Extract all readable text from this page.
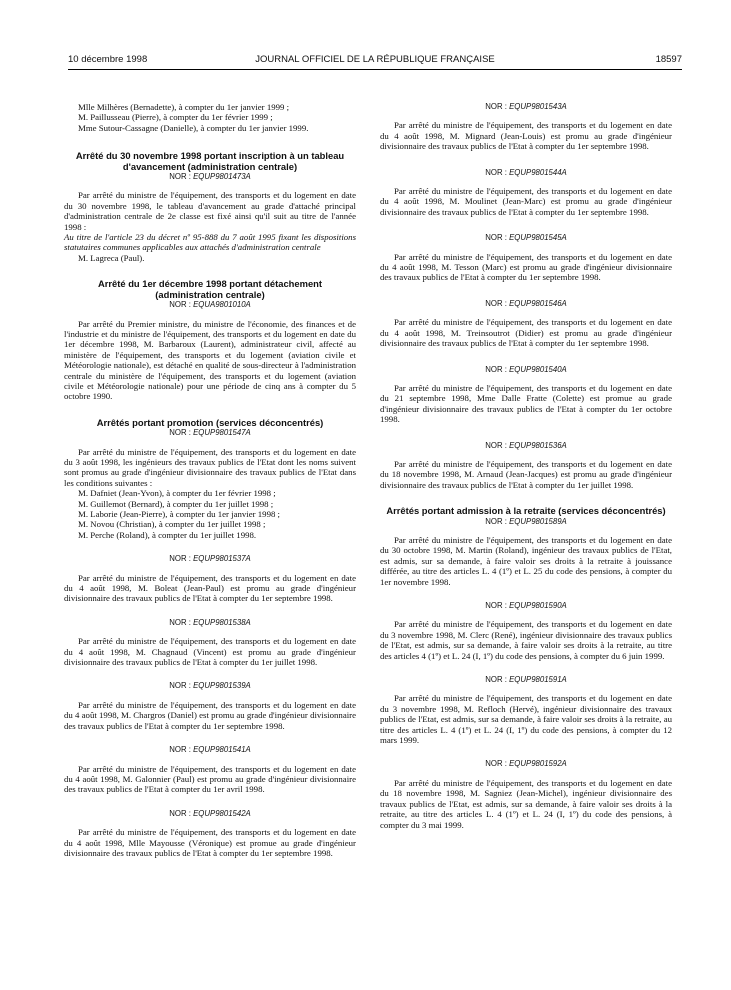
10 décembre 1998	JOURNAL OFFICIEL DE LA RÉPUBLIQUE FRANÇAISE	18597

Mlle Milhères (Bernadette), à compter du 1er janvier 1999 ;

M. Paillusseau (Pierre), à compter du 1er février 1999 ;

Mme Sutour-Cassagne (Danielle), à compter du 1er janvier 1999.

Arrêté du 30 novembre 1998 portant inscription à un tableau d'avancement (administration centrale)
NOR : EQUP9801473A

Par arrêté du ministre de l'équipement, des transports et du logement en date du 30 novembre 1998, le tableau d'avancement au grade d'attaché principal d'administration centrale de 2e classe est fixé ainsi qu'il suit au titre de l'année 1998 :

Au titre de l'article 23 du décret nº 95-888 du 7 août 1995 fixant les dispositions statutaires communes applicables aux attachés d'administration centrale

M. Lagreca (Paul).

Arrêté du 1er décembre 1998 portant détachement (administration centrale)
NOR : EQUA9801010A

Par arrêté du Premier ministre, du ministre de l'économie, des finances et de l'industrie et du ministre de l'équipement, des transports et du logement en date du 1er décembre 1998, M. Barbaroux (Laurent), administrateur civil, affecté au ministère de l'équipement, des transports et du logement (aviation civile et Météorologie nationale), est détaché en qualité de sous-directeur à l'administration centrale du ministère de l'équipement, des transports et du logement (aviation civile et Météorologie nationale) pour une période de cinq ans à compter du 5 octobre 1990.

Arrêtés portant promotion (services déconcentrés)
NOR : EQUP9801547A

Par arrêté du ministre de l'équipement, des transports et du logement en date du 3 août 1998, les ingénieurs des travaux publics de l'Etat dont les noms suivent sont promus au grade d'ingénieur divisionnaire des travaux publics de l'Etat dans les conditions suivantes :

M. Dafniet (Jean-Yvon), à compter du 1er février 1998 ;

M. Guillemot (Bernard), à compter du 1er juillet 1998 ;

M. Laborie (Jean-Pierre), à compter du 1er janvier 1998 ;

M. Novou (Christian), à compter du 1er juillet 1998 ;

M. Perche (Roland), à compter du 1er juillet 1998.

NOR : EQUP9801537A

Par arrêté du ministre de l'équipement, des transports et du logement en date du 4 août 1998, M. Boleat (Jean-Paul) est promu au grade d'ingénieur divisionnaire des travaux publics de l'Etat à compter du 1er septembre 1998.

NOR : EQUP9801538A

Par arrêté du ministre de l'équipement, des transports et du logement en date du 4 août 1998, M. Chagnaud (Vincent) est promu au grade d'ingénieur divisionnaire des travaux publics de l'Etat à compter du 1er juillet 1998.

NOR : EQUP9801539A

Par arrêté du ministre de l'équipement, des transports et du logement en date du 4 août 1998, M. Chargros (Daniel) est promu au grade d'ingénieur divisionnaire des travaux publics de l'Etat à compter du 1er septembre 1998.

NOR : EQUP9801541A

Par arrêté du ministre de l'équipement, des transports et du logement en date du 4 août 1998, M. Galonnier (Paul) est promu au grade d'ingénieur divisionnaire des travaux publics de l'Etat à compter du 1er avril 1998.

NOR : EQUP9801542A

Par arrêté du ministre de l'équipement, des transports et du logement en date du 4 août 1998, Mlle Mayousse (Véronique) est promue au grade d'ingénieur divisionnaire des travaux publics de l'Etat à compter du 1er septembre 1998.

NOR : EQUP9801543A

Par arrêté du ministre de l'équipement, des transports et du logement en date du 4 août 1998, M. Mignard (Jean-Louis) est promu au grade d'ingénieur divisionnaire des travaux publics de l'Etat à compter du 1er septembre 1998.

NOR : EQUP9801544A

Par arrêté du ministre de l'équipement, des transports et du logement en date du 4 août 1998, M. Moulinet (Jean-Marc) est promu au grade d'ingénieur divisionnaire des travaux publics de l'Etat à compter du 1er septembre 1998.

NOR : EQUP9801545A

Par arrêté du ministre de l'équipement, des transports et du logement en date du 4 août 1998, M. Tesson (Marc) est promu au grade d'ingénieur divisionnaire des travaux publics de l'Etat à compter du 1er septembre 1998.

NOR : EQUP9801546A

Par arrêté du ministre de l'équipement, des transports et du logement en date du 4 août 1998, M. Treinsoutrot (Didier) est promu au grade d'ingénieur divisionnaire des travaux publics de l'Etat à compter du 1er septembre 1998.

NOR : EQUP9801540A

Par arrêté du ministre de l'équipement, des transports et du logement en date du 21 septembre 1998, Mme Dalle Fratte (Colette) est promue au grade d'ingénieur divisionnaire des travaux publics de l'Etat à compter du 1er octobre 1998.

NOR : EQUP9801536A

Par arrêté du ministre de l'équipement, des transports et du logement en date du 18 novembre 1998, M. Arnaud (Jean-Jacques) est promu au grade d'ingénieur divisionnaire des travaux publics de l'Etat à compter du 1er juillet 1998.

Arrêtés portant admission à la retraite (services déconcentrés)
NOR : EQUP9801589A

Par arrêté du ministre de l'équipement, des transports et du logement en date du 30 octobre 1998, M. Martin (Roland), ingénieur des travaux publics de l'Etat, est admis, sur sa demande, à faire valoir ses droits à la retraite à jouissance différée, au titre des articles L. 4 (1º) et L. 25 du code des pensions, à compter du 1er novembre 1998.

NOR : EQUP9801590A

Par arrêté du ministre de l'équipement, des transports et du logement en date du 3 novembre 1998, M. Clerc (René), ingénieur divisionnaire des travaux publics de l'Etat, est admis, sur sa demande, à faire valoir ses droits à la retraite, au titre des articles 4 (1º) et L. 24 (I, 1º) du code des pensions, à compter du 6 juin 1999.

NOR : EQUP9801591A

Par arrêté du ministre de l'équipement, des transports et du logement en date du 3 novembre 1998, M. Refloch (Hervé), ingénieur divisionnaire des travaux publics de l'Etat, est admis, sur sa demande, à faire valoir ses droits à la retraite, au titre des articles L. 4 (1º) et L. 24 (I, 1º) du code des pensions, à compter du 12 mars 1999.

NOR : EQUP9801592A

Par arrêté du ministre de l'équipement, des transports et du logement en date du 18 novembre 1998, M. Sagniez (Jean-Michel), ingénieur divisionnaire des travaux publics de l'Etat, est admis, sur sa demande, à faire valoir ses droits à la retraite, au titre des articles L. 4 (1º) et L. 24 (I, 1º) du code des pensions, à compter du 3 mai 1999.
